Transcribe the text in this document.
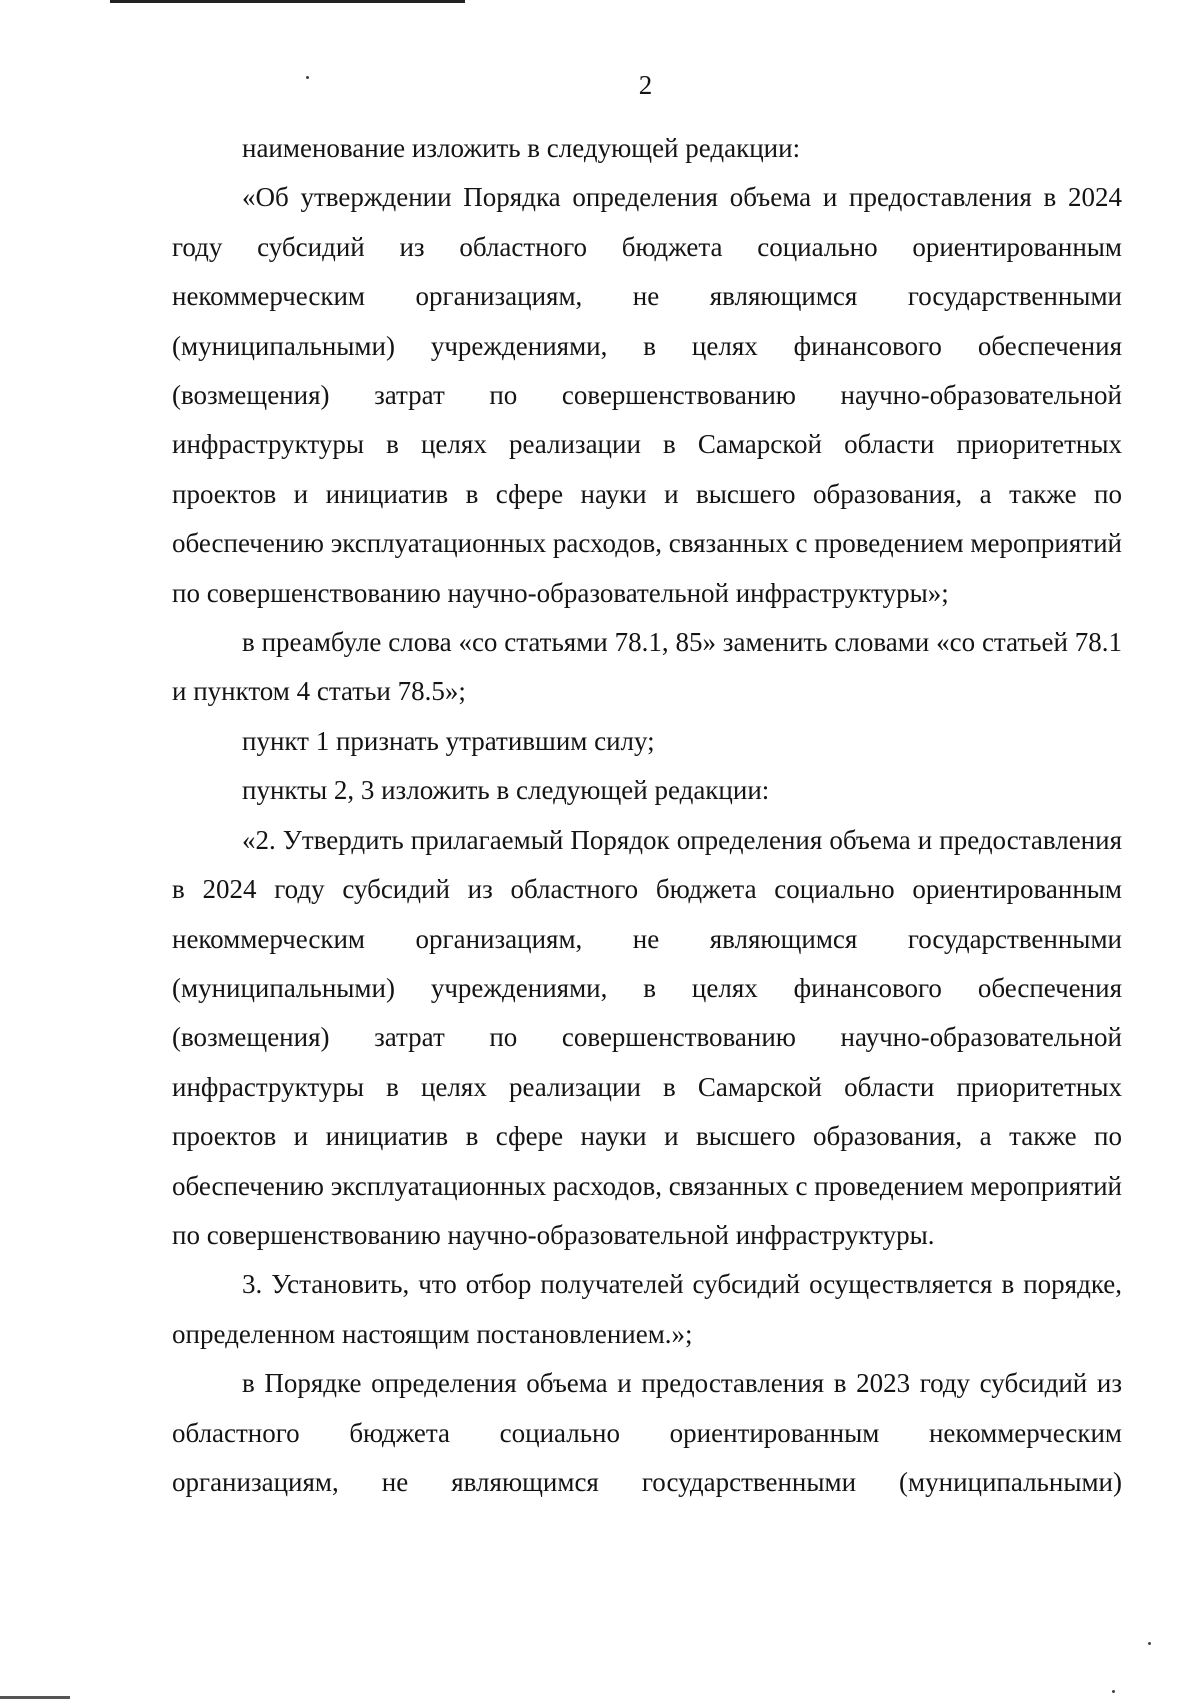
2

наименование изложить в следующей редакции:

«Об утверждении Порядка определения объема и предоставления в 2024 году субсидий из областного бюджета социально ориентированным некоммерческим организациям, не являющимся государственными (муниципальными) учреждениями, в целях финансового обеспечения (возмещения) затрат по совершенствованию научно-образовательной инфраструктуры в целях реализации в Самарской области приоритетных проектов и инициатив в сфере науки и высшего образования, а также по обеспечению эксплуатационных расходов, связанных с проведением мероприятий по совершенствованию научно-образовательной инфраструктуры»;

в преамбуле слова «со статьями 78.1, 85» заменить словами «со статьей 78.1 и пунктом 4 статьи 78.5»;

пункт 1 признать утратившим силу;

пункты 2, 3 изложить в следующей редакции:

«2. Утвердить прилагаемый Порядок определения объема и предоставления в 2024 году субсидий из областного бюджета социально ориентированным некоммерческим организациям, не являющимся государственными (муниципальными) учреждениями, в целях финансового обеспечения (возмещения) затрат по совершенствованию научно-образовательной инфраструктуры в целях реализации в Самарской области приоритетных проектов и инициатив в сфере науки и высшего образования, а также по обеспечению эксплуатационных расходов, связанных с проведением мероприятий по совершенствованию научно-образовательной инфраструктуры.

3. Установить, что отбор получателей субсидий осуществляется в порядке, определенном настоящим постановлением.»;

в Порядке определения объема и предоставления в 2023 году субсидий из областного бюджета социально ориентированным некоммерческим организациям, не являющимся государственными (муниципальными)
